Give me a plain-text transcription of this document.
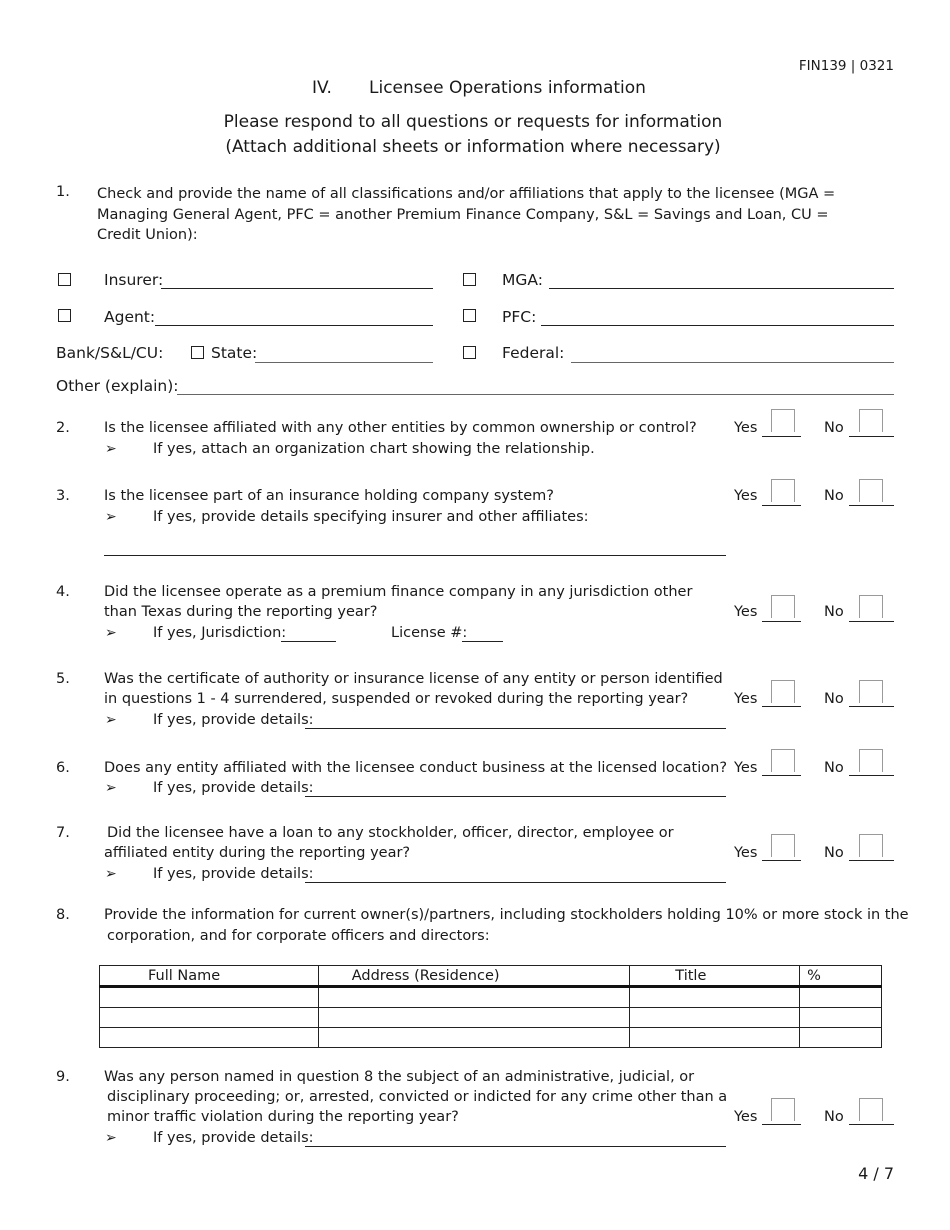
FIN139 | 0321
IV. Licensee Operations information
Please respond to all questions or requests for information
(Attach additional sheets or information where necessary)
1. Check and provide the name of all classifications and/or affiliations that apply to the licensee (MGA = Managing General Agent, PFC = another Premium Finance Company, S&L = Savings and Loan, CU = Credit Union):
Insurer:	MGA:
Agent:	PFC:
Bank/S&L/CU:	State:	Federal:
Other (explain):
2. Is the licensee affiliated with any other entities by common ownership or control?
➢	If yes, attach an organization chart showing the relationship.
Yes	No
3. Is the licensee part of an insurance holding company system?
➢	If yes, provide details specifying insurer and other affiliates:
Yes	No
4. Did the licensee operate as a premium finance company in any jurisdiction other
than Texas during the reporting year?
➢	If yes, Jurisdiction:	License #:
Yes	No
5. Was the certificate of authority or insurance license of any entity or person identified
in questions 1 - 4 surrendered, suspended or revoked during the reporting year?
➢	If yes, provide details:
Yes	No
6. Does any entity affiliated with the licensee conduct business at the licensed location?
➢	If yes, provide details:
Yes	No
7.	Did the licensee have a loan to any stockholder, officer, director, employee or
affiliated entity during the reporting year?
➢	If yes, provide details:
Yes	No
8. Provide the information for current owner(s)/partners, including stockholders holding 10% or more stock in the
corporation, and for corporate officers and directors:
Full Name	Address (Residence)	Title	%

9. Was any person named in question 8 the subject of an administrative, judicial, or
disciplinary proceeding; or, arrested, convicted or indicted for any crime other than a
minor traffic violation during the reporting year?
➢	If yes, provide details:
Yes	No
4 / 7
